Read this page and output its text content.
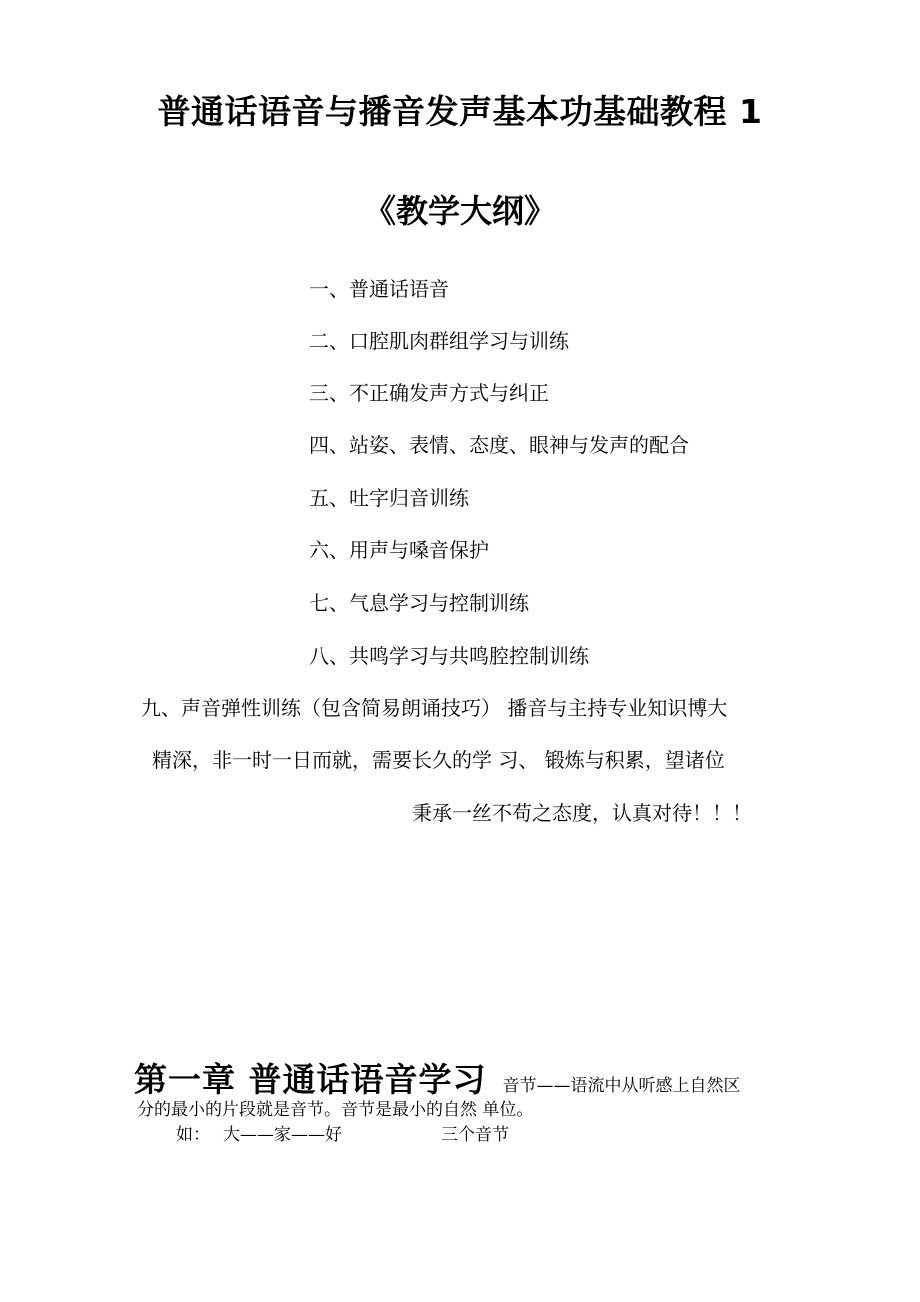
普通话语音与播音发声基本功基础教程 1
《教学大纲》
一、普通话语音
二、口腔肌肉群组学习与训练
三、不正确发声方式与纠正
四、站姿、表情、态度、眼神与发声的配合
五、吐字归音训练
六、用声与嗓音保护
七、气息学习与控制训练
八、共鸣学习与共鸣腔控制训练
九、声音弹性训练（包含简易朗诵技巧） 播音与主持专业知识博大
精深，非一时一日而就，需要长久的学 习、 锻炼与积累，望诸位
秉承一丝不苟之态度，认真对待！！！
第一章 普通话语音学习 音节——语流中从听感上自然区
分的最小的片段就是音节。音节是最小的自然 单位。
如： 大——家——好	三个音节
